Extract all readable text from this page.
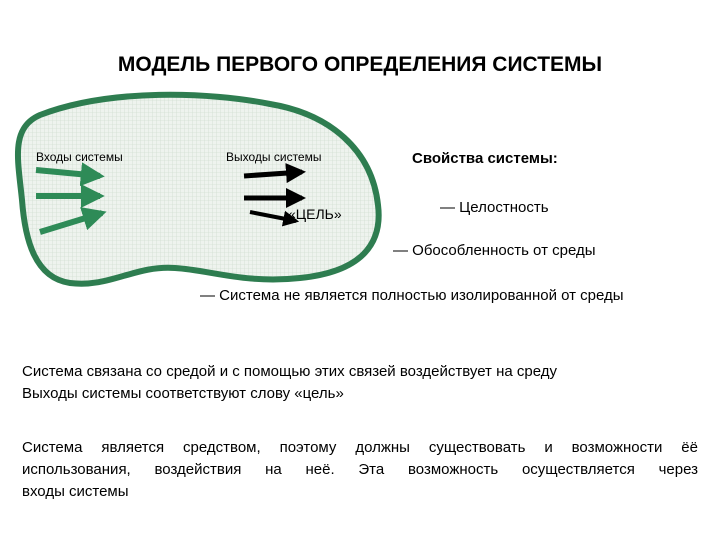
МОДЕЛЬ ПЕРВОГО ОПРЕДЕЛЕНИЯ СИСТЕМЫ
Входы системы	Выходы системы
«ЦЕЛЬ»
Свойства системы:
— Целостность
— Обособленность от среды
— Система не является полностью изолированной от среды
Система связана со средой и с помощью этих связей воздействует на среду
Выходы системы соответствуют слову «цель»
Система является средством, поэтому должны существовать и возможности ёё
использования, воздействия на неё. Эта возможность осуществляется через
входы системы
